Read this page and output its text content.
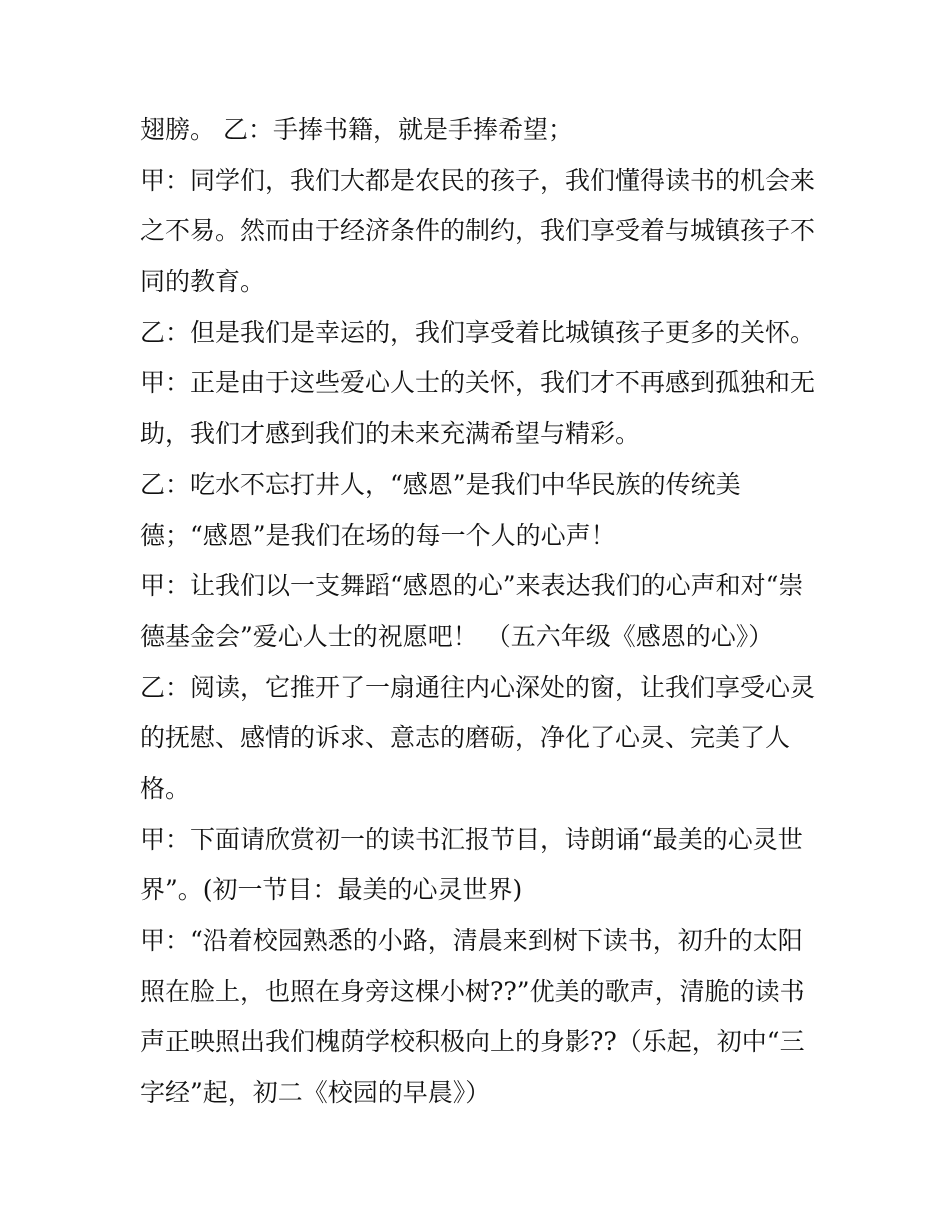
翅膀。 乙：手捧书籍，就是手捧希望；
甲：同学们，我们大都是农民的孩子，我们懂得读书的机会来
之不易。然而由于经济条件的制约，我们享受着与城镇孩子不
同的教育。
乙：但是我们是幸运的，我们享受着比城镇孩子更多的关怀。
甲：正是由于这些爱心人士的关怀，我们才不再感到孤独和无
助，我们才感到我们的未来充满希望与精彩。
乙：吃水不忘打井人，“感恩”是我们中华民族的传统美
德；“感恩”是我们在场的每一个人的心声！
甲：让我们以一支舞蹈“感恩的心”来表达我们的心声和对“崇
德基金会”爱心人士的祝愿吧！ （五六年级《感恩的心》）
乙：阅读，它推开了一扇通往内心深处的窗，让我们享受心灵
的抚慰、感情的诉求、意志的磨砺，净化了心灵、完美了人
格。
甲：下面请欣赏初一的读书汇报节目，诗朗诵“最美的心灵世
界”。(初一节目：最美的心灵世界)
甲：“沿着校园熟悉的小路，清晨来到树下读书，初升的太阳
照在脸上，也照在身旁这棵小树??”优美的歌声，清脆的读书
声正映照出我们槐荫学校积极向上的身影??（乐起，初中“三
字经”起，初二《校园的早晨》）
